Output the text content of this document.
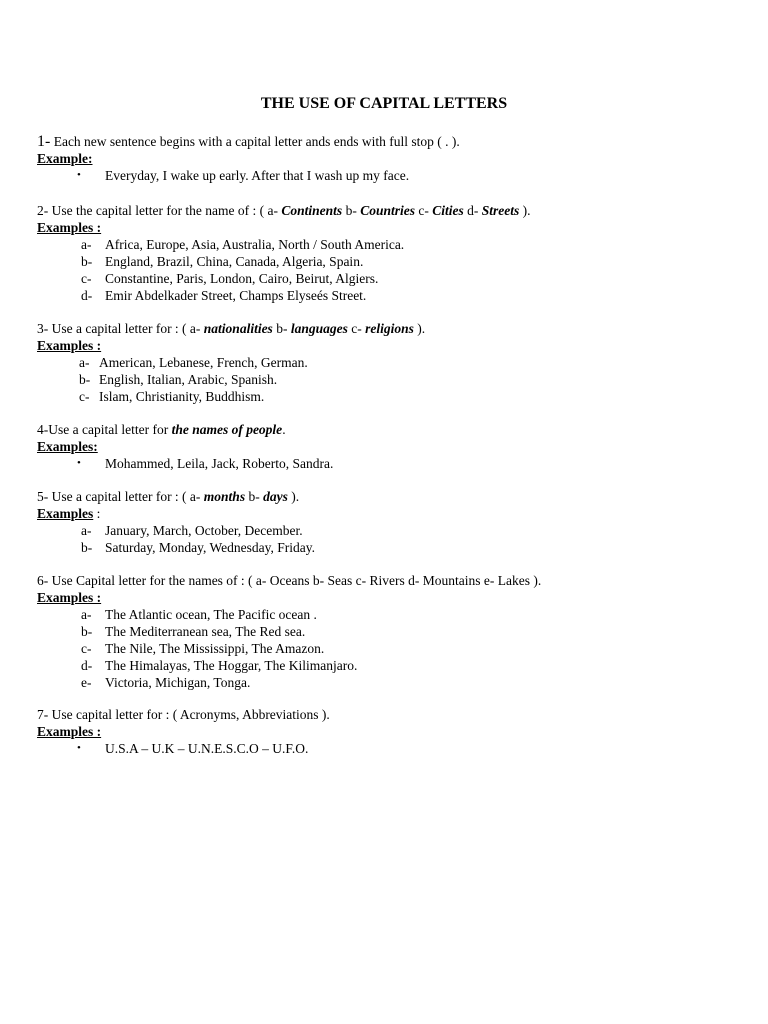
THE USE OF CAPITAL LETTERS
1- Each new sentence begins with a capital letter ands ends with full stop ( . ).
Example:
•	Everyday, I wake up early. After that I wash up my face.
2- Use the capital letter for the name of : ( a- Continents b- Countries c- Cities d- Streets ).
Examples :
a-	Africa, Europe, Asia, Australia, North / South America.
b- England, Brazil, China, Canada, Algeria, Spain.
c-	Constantine, Paris, London, Cairo, Beirut, Algiers.
d- Emir Abdelkader Street, Champs Elyseés Street.
3- Use a capital letter for : ( a- nationalities b- languages c- religions ).
Examples :
a- American, Lebanese, French, German.
b- English, Italian, Arabic, Spanish.
c- Islam, Christianity, Buddhism.
4-Use a capital letter for the names of people.
Examples:
•	Mohammed, Leila, Jack, Roberto, Sandra.
5- Use a capital letter for : ( a- months b- days ).
Examples :
a-	January, March, October, December.
b- Saturday, Monday, Wednesday, Friday.
6- Use Capital letter for the names of : ( a- Oceans b- Seas c- Rivers d- Mountains e- Lakes ).
Examples :
a-	The Atlantic ocean, The Pacific ocean .
b- The Mediterranean sea, The Red sea.
c-	The Nile, The Mississippi, The Amazon.
d- The Himalayas, The Hoggar, The Kilimanjaro.
e-	Victoria, Michigan, Tonga.
7- Use capital letter for : ( Acronyms, Abbreviations ).
Examples :
•	U.S.A – U.K – U.N.E.S.C.O – U.F.O.
